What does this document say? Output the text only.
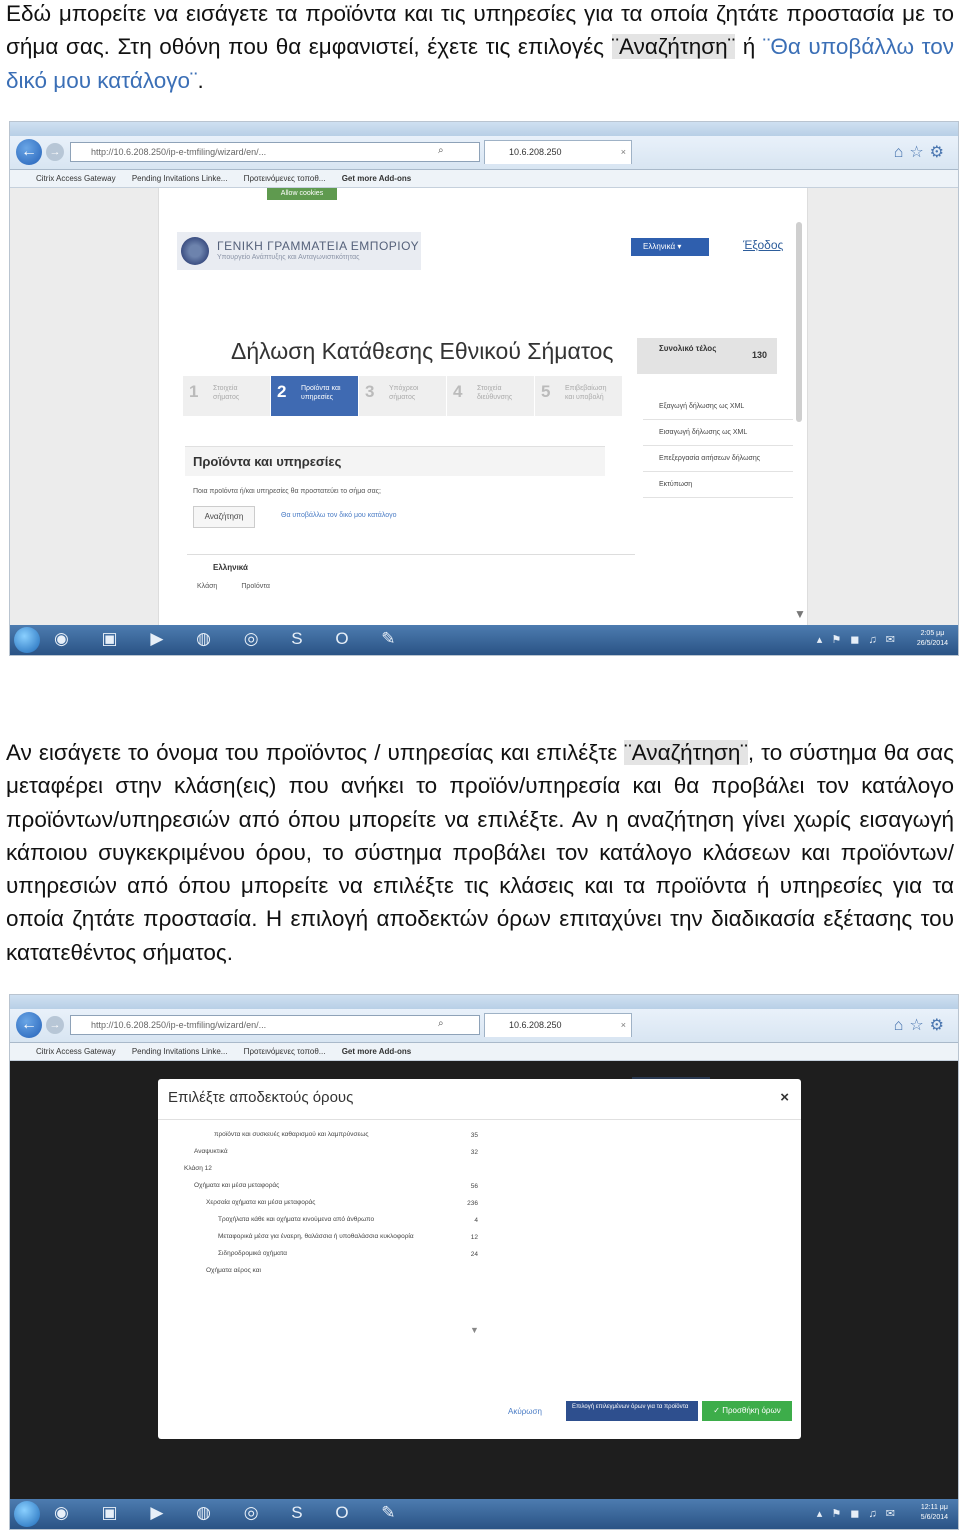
Εδώ μπορείτε να εισάγετε τα προϊόντα και τις υπηρεσίες για τα οποία ζητάτε προστασία με το σήμα σας. Στη οθόνη που θα εμφανιστεί, έχετε τις επιλογές ¨Αναζήτηση¨ ή ¨Θα υποβάλλω τον δικό μου κατάλογο¨.

←	→	http://10.6.208.250/ip-e-tmfiling/wizard/en/...	⌕	10.6.208.250	×	⌂☆⚙
Citrix Access Gateway Pending Invitations Linke... Προτεινόμενες τοποθ... Get more Add-ons
Allow cookies
ΓΕΝΙΚΗ ΓΡΑΜΜΑΤΕΙΑ ΕΜΠΟΡΙΟΥ
Υπουργείο Ανάπτυξης και Ανταγωνιστικότητας
Ελληνικά ▾	Έξοδος
Δήλωση Κατάθεσης Εθνικού Σήματος
1 Στοιχεία σήματος	2 Προϊόντα και υπηρεσίες	3 Υπόχρεοι σήματος	4 Στοιχεία διεύθυνσης	5 Επιβεβαίωση και υποβολή
Συνολικό τέλος
130
Εξαγωγή δήλωσης ως XML
Εισαγωγή δήλωσης ως XML
Επεξεργασία αιτήσεων δήλωσης
Εκτύπωση
Προϊόντα και υπηρεσίες
Ποια προϊόντα ή/και υπηρεσίες θα προστατεύει το σήμα σας;
Αναζήτηση	Θα υποβάλλω τον δικό μου κατάλογο
Ελληνικά
Κλάση	Προϊόντα
▼
◉ ▣ ▶ ◍ ◎ S O ✎	▴ ⚑ ◼ ♫ ✉
2:05 μμ
26/5/2014

Αν εισάγετε το όνομα του προϊόντος / υπηρεσίας και επιλέξτε ¨Αναζήτηση¨, το σύστημα θα σας μεταφέρει στην κλάση(εις) που ανήκει το προϊόν/υπηρεσία και θα προβάλει τον κατάλογο προϊόντων/υπηρεσιών από όπου μπορείτε να επιλέξτε. Αν η αναζήτηση γίνει χωρίς εισαγωγή κάποιου συγκεκριμένου όρου, το σύστημα προβάλει τον κατάλογο κλάσεων και προϊόντων/υπηρεσιών από όπου μπορείτε να επιλέξτε τις κλάσεις και τα προϊόντα ή υπηρεσίες για τα οποία ζητάτε προστασία. Η επιλογή αποδεκτών όρων επιταχύνει την διαδικασία εξέτασης του κατατεθέντος σήματος.

←	→	http://10.6.208.250/ip-e-tmfiling/wizard/en/...	⌕	10.6.208.250	×	⌂☆⚙
Citrix Access Gateway Pending Invitations Linke... Προτεινόμενες τοποθ... Get more Add-ons
Επιλέξτε αποδεκτούς όρους	×
προϊόντα και συσκευές καθαρισμού και λαμπρύνσεως	35
Αναψυκτικά	32
Κλάση 12
Οχήματα και μέσα μεταφοράς	56
Χερσαία οχήματα και μέσα μεταφοράς	236
Τροχήλατα κάθε και οχήματα κινούμενα από άνθρωπο	4
Μεταφορικά μέσα για έναερη, θαλάσσια ή υποθαλάσσια κυκλοφορία	12
Σιδηροδρομικά οχήματα	24
Οχήματα αέρος και
▼
Ακύρωση	Επιλογή επιλεγμένων όρων για τα προϊόντα	✓ Προσθήκη όρων
◉ ▣ ▶ ◍ ◎ S O ✎	▴ ⚑ ◼ ♫ ✉
12:11 μμ
5/6/2014
